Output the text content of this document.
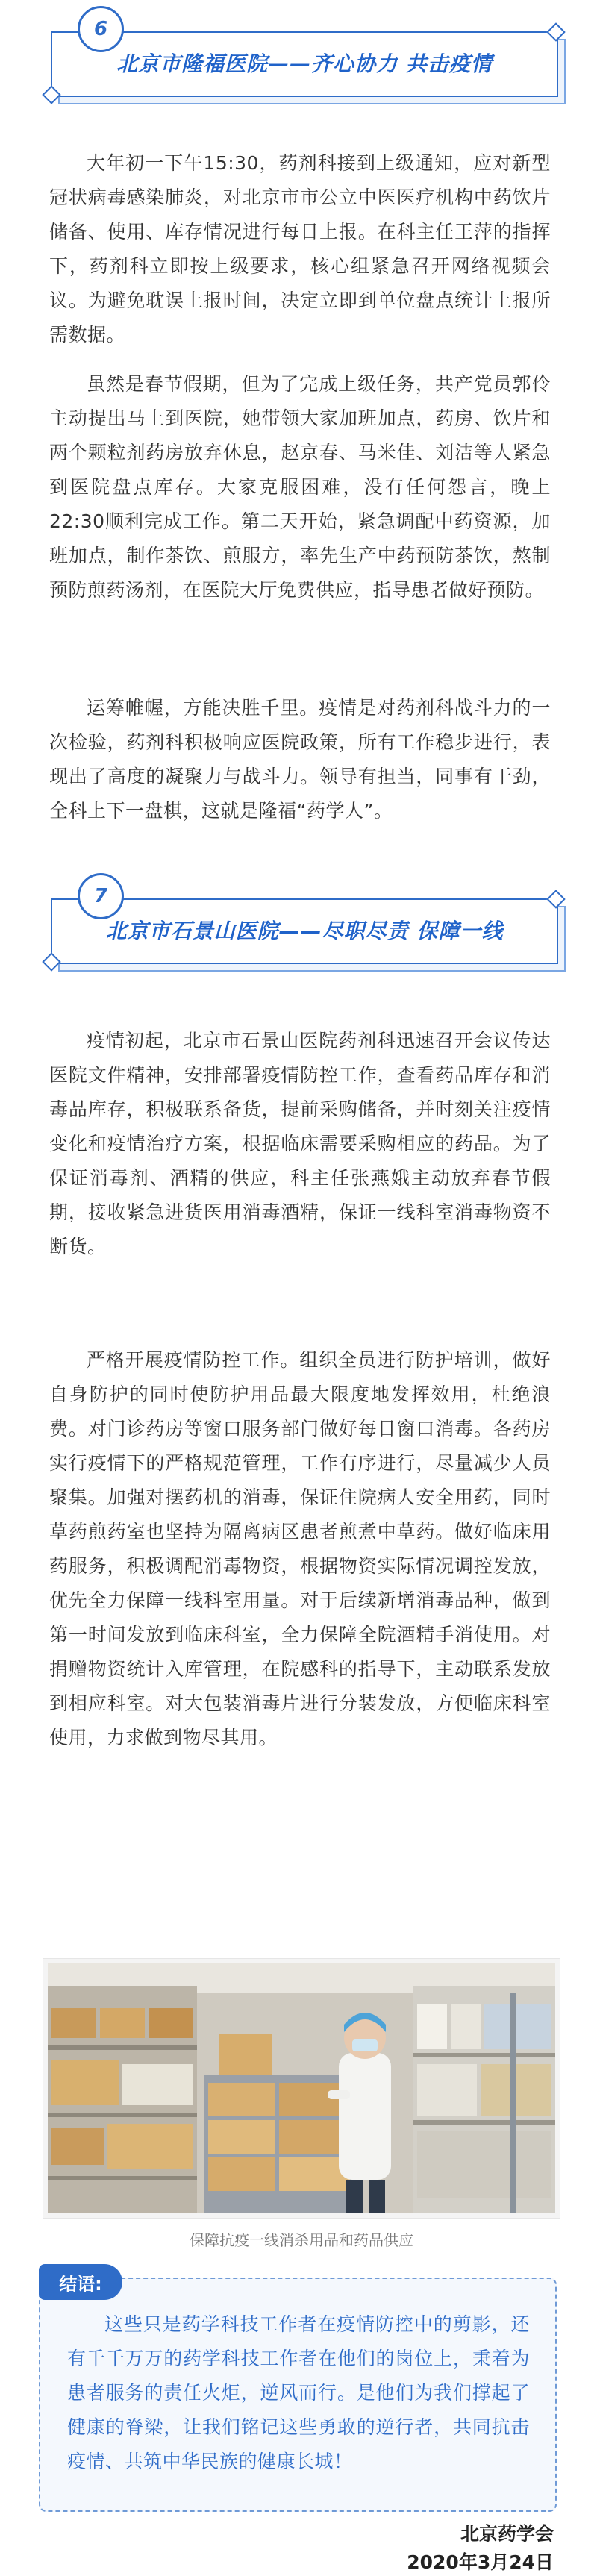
北京市隆福医院——齐心协力 共击疫情
6

大年初一下午15:30，药剂科接到上级通知，应对新型冠状病毒感染肺炎，对北京市市公立中医医疗机构中药饮片储备、使用、库存情况进行每日上报。在科主任王萍的指挥下，药剂科立即按上级要求，核心组紧急召开网络视频会议。为避免耽误上报时间，决定立即到单位盘点统计上报所需数据。

虽然是春节假期，但为了完成上级任务，共产党员郭伶主动提出马上到医院，她带领大家加班加点，药房、饮片和两个颗粒剂药房放弃休息，赵京春、马米佳、刘洁等人紧急到医院盘点库存。大家克服困难，没有任何怨言，晚上22:30顺利完成工作。第二天开始，紧急调配中药资源，加班加点，制作茶饮、煎服方，率先生产中药预防茶饮，熬制预防煎药汤剂，在医院大厅免费供应，指导患者做好预防。

运筹帷幄，方能决胜千里。疫情是对药剂科战斗力的一次检验，药剂科积极响应医院政策，所有工作稳步进行，表现出了高度的凝聚力与战斗力。领导有担当，同事有干劲，全科上下一盘棋，这就是隆福“药学人”。

北京市石景山医院——尽职尽责 保障一线
7

疫情初起，北京市石景山医院药剂科迅速召开会议传达医院文件精神，安排部署疫情防控工作，查看药品库存和消毒品库存，积极联系备货，提前采购储备，并时刻关注疫情变化和疫情治疗方案，根据临床需要采购相应的药品。为了保证消毒剂、酒精的供应，科主任张燕娥主动放弃春节假期，接收紧急进货医用消毒酒精，保证一线科室消毒物资不断货。

严格开展疫情防控工作。组织全员进行防护培训，做好自身防护的同时使防护用品最大限度地发挥效用，杜绝浪费。对门诊药房等窗口服务部门做好每日窗口消毒。各药房实行疫情下的严格规范管理，工作有序进行，尽量减少人员聚集。加强对摆药机的消毒，保证住院病人安全用药，同时草药煎药室也坚持为隔离病区患者煎煮中草药。做好临床用药服务，积极调配消毒物资，根据物资实际情况调控发放，优先全力保障一线科室用量。对于后续新增消毒品种，做到第一时间发放到临床科室，全力保障全院酒精手消使用。对捐赠物资统计入库管理，在院感科的指导下，主动联系发放到相应科室。对大包装消毒片进行分装发放，方便临床科室使用，力求做到物尽其用。

保障抗疫一线消杀用品和药品供应
结语:

这些只是药学科技工作者在疫情防控中的剪影，还有千千万万的药学科技工作者在他们的岗位上，秉着为患者服务的责任火炬，逆风而行。是他们为我们撑起了健康的脊梁，让我们铭记这些勇敢的逆行者，共同抗击疫情、共筑中华民族的健康长城！

北京药学会
2020年3月24日
